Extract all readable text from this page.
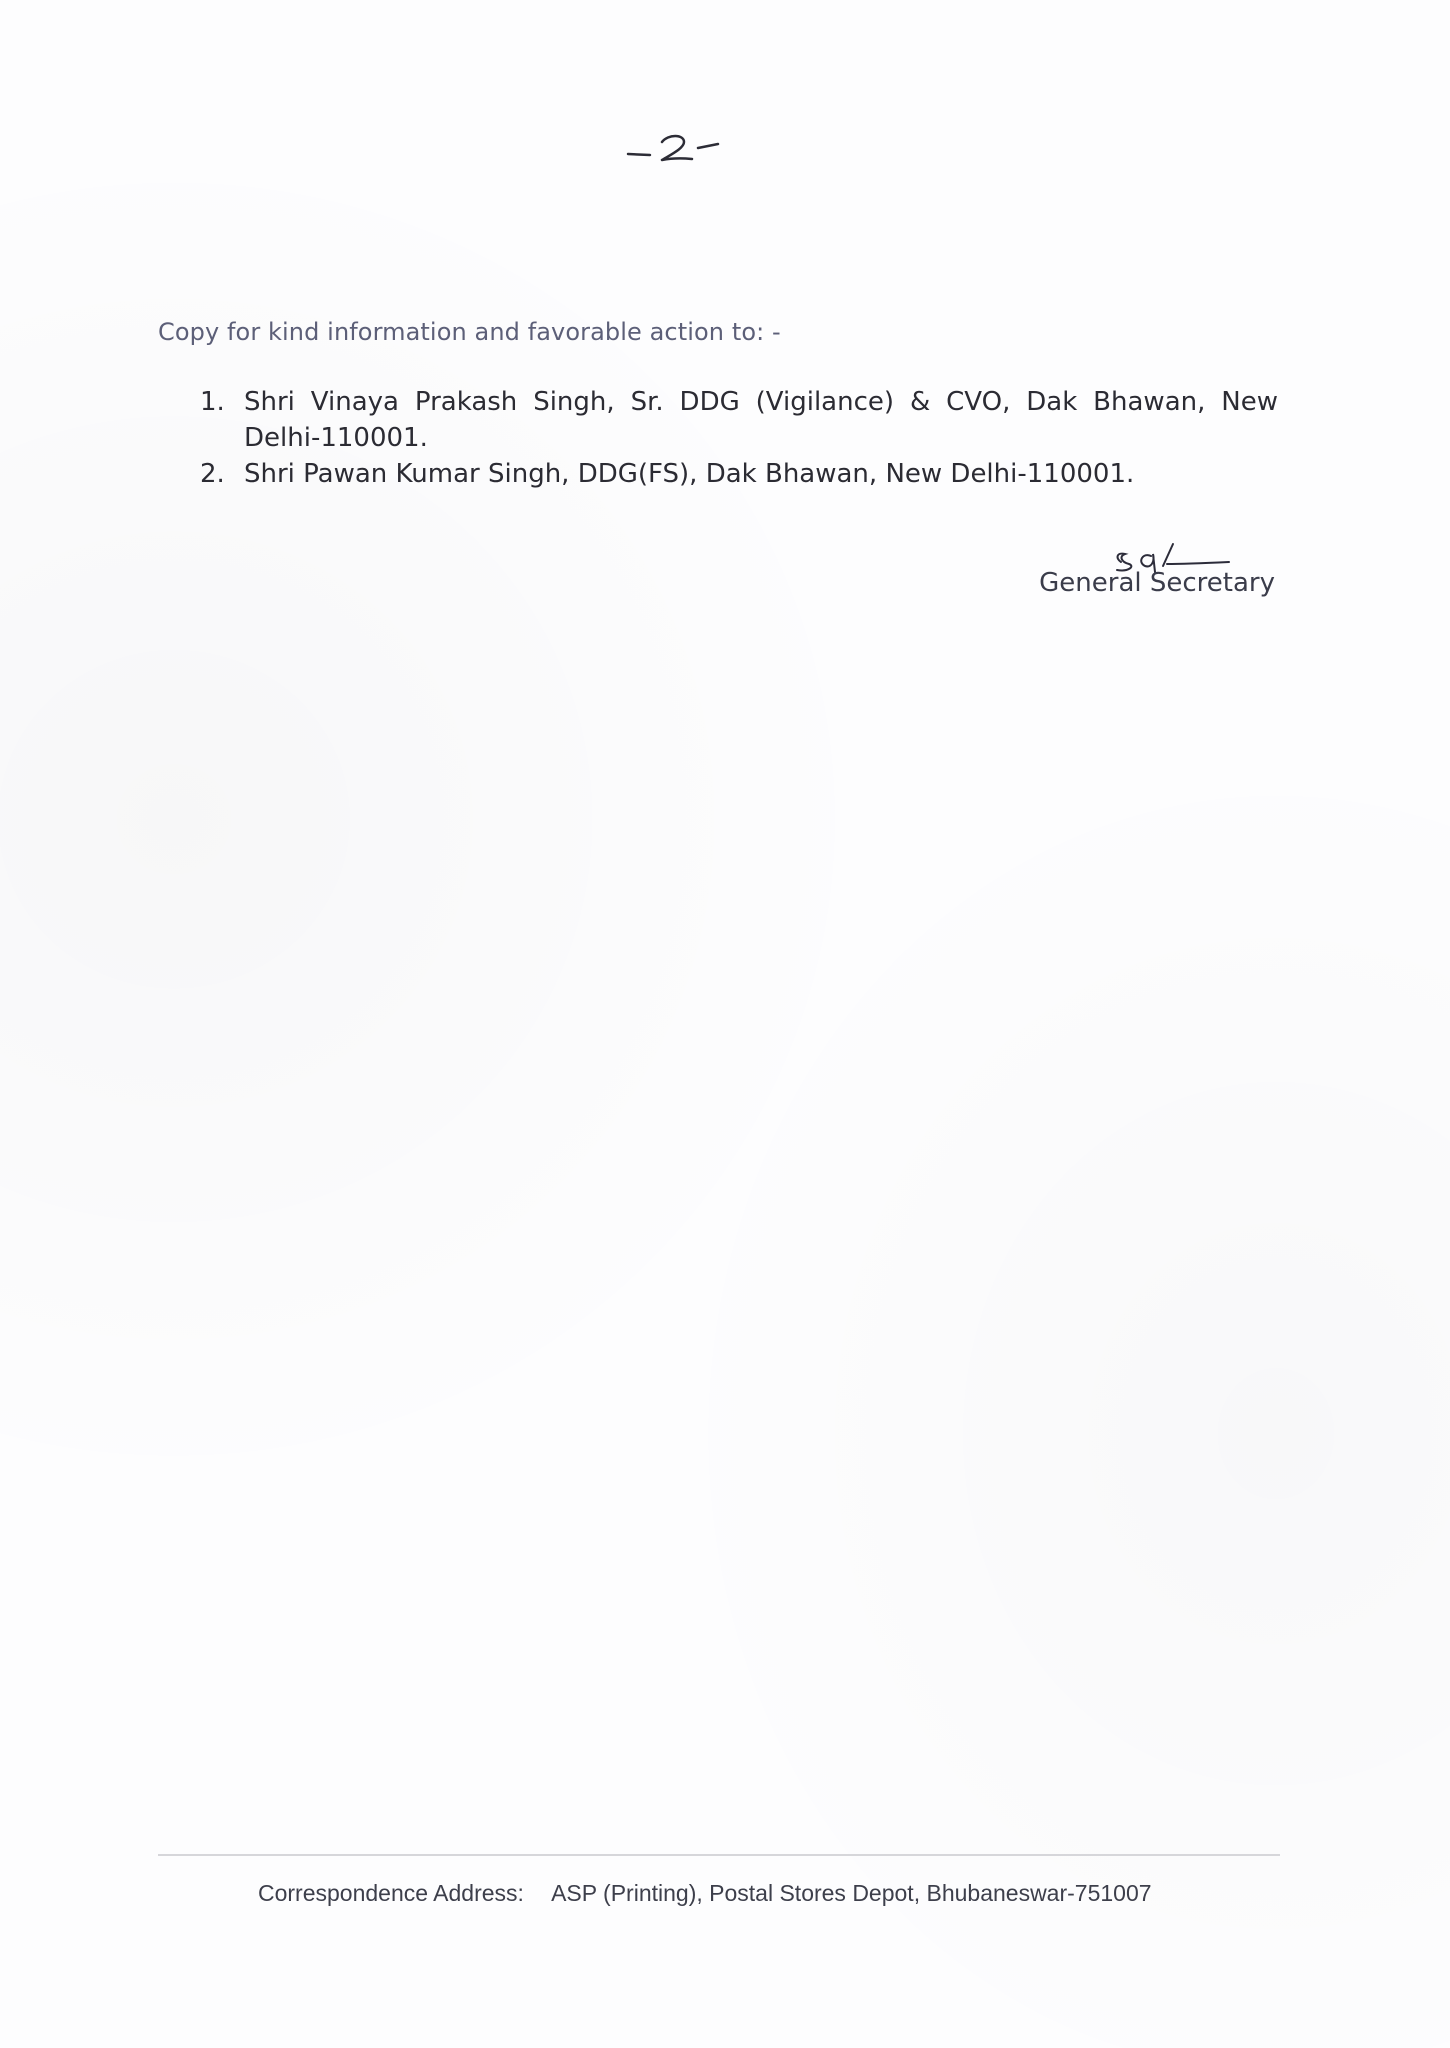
Copy for kind information and favorable action to: -
1. Shri Vinaya Prakash Singh, Sr. DDG (Vigilance) & CVO, Dak Bhawan, New Delhi-110001.
2. Shri Pawan Kumar Singh, DDG(FS), Dak Bhawan, New Delhi-110001.
General Secretary
Correspondence Address: ASP (Printing), Postal Stores Depot, Bhubaneswar-751007
